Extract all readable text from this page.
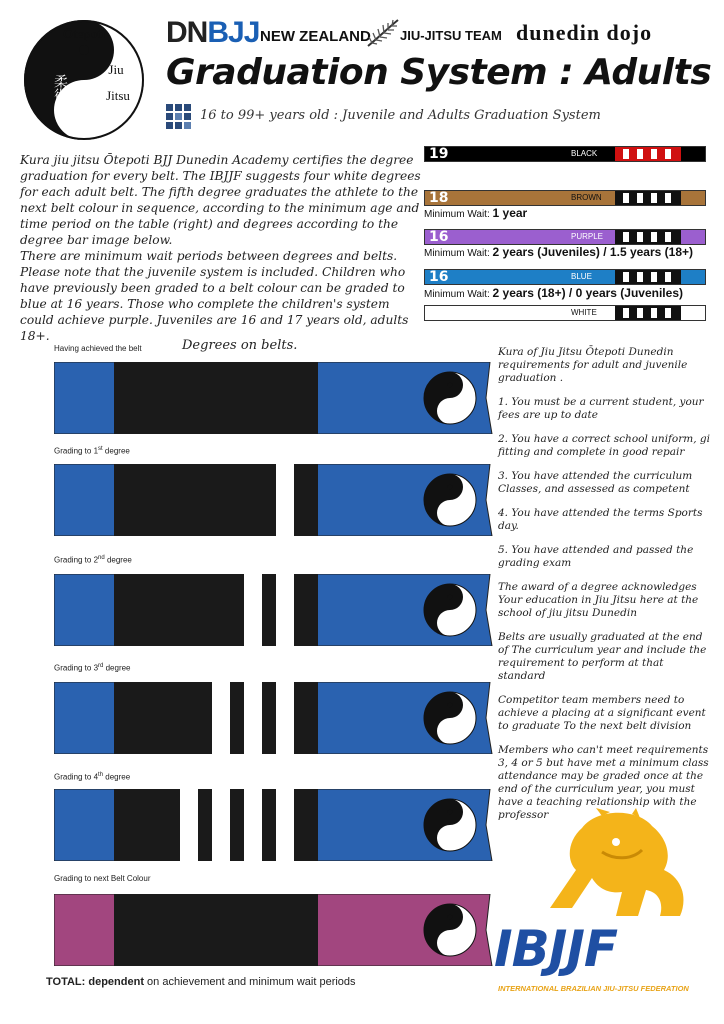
Ōtepoti
柔術
Jiu
Jitsu
kura
DNBJJ NEW ZEALAND JIU-JITSU TEAM dunedin dojo
Graduation System : Adults
16 to 99+ years old : Juvenile and Adults Graduation System

Kura jiu jitsu Ōtepoti BJJ Dunedin Academy certifies the degree graduation for every belt. The IBJJF suggests four white degrees for each adult belt. The fifth degree graduates the athlete to the next belt colour in sequence, according to the minimum age and time period on the table (right) and degrees according to the degree bar image below.

There are minimum wait periods between degrees and belts. Please note that the juvenile system is included. Children who have previously been graded to a belt colour can be graded to blue at 16 years. Those who complete the children's system could achieve purple. Juveniles are 16 and 17 years old, adults 18+.

Degrees on belts.
19	BLACK
18	BROWN
Minimum Wait: 1 year
16	PURPLE
Minimum Wait: 2 years (Juveniles) / 1.5 years (18+)
16	BLUE
Minimum Wait: 2 years (18+) / 0 years (Juveniles)
WHITE
Having achieved the belt
Grading to 1st degree
Grading to 2nd degree
Grading to 3rd degree
Grading to 4th degree
Grading to next Belt Colour

Kura of Jiu Jitsu Ōtepoti Dunedin requirements for adult and juvenile graduation .

1. You must be a current student, your fees are up to date

2. You have a correct school uniform, gi fitting and complete in good repair

3. You have attended the curriculum Classes, and assessed as competent

4. You have attended the terms Sports day.

5. You have attended and passed the grading exam

The award of a degree acknowledges Your education in Jiu Jitsu here at the school of jiu jitsu Dunedin

Belts are usually graduated at the end of The curriculum year and include the requirement to perform at that standard

Competitor team members need to achieve a placing at a significant event to graduate To the next belt division

Members who can't meet requirements 3, 4 or 5 but have met a minimum class attendance may be graded once at the end of the curriculum year, you must have a teaching relationship with the professor

TOTAL: dependent on achievement and minimum wait periods
IBJJF
INTERNATIONAL BRAZILIAN JIU-JITSU FEDERATION
